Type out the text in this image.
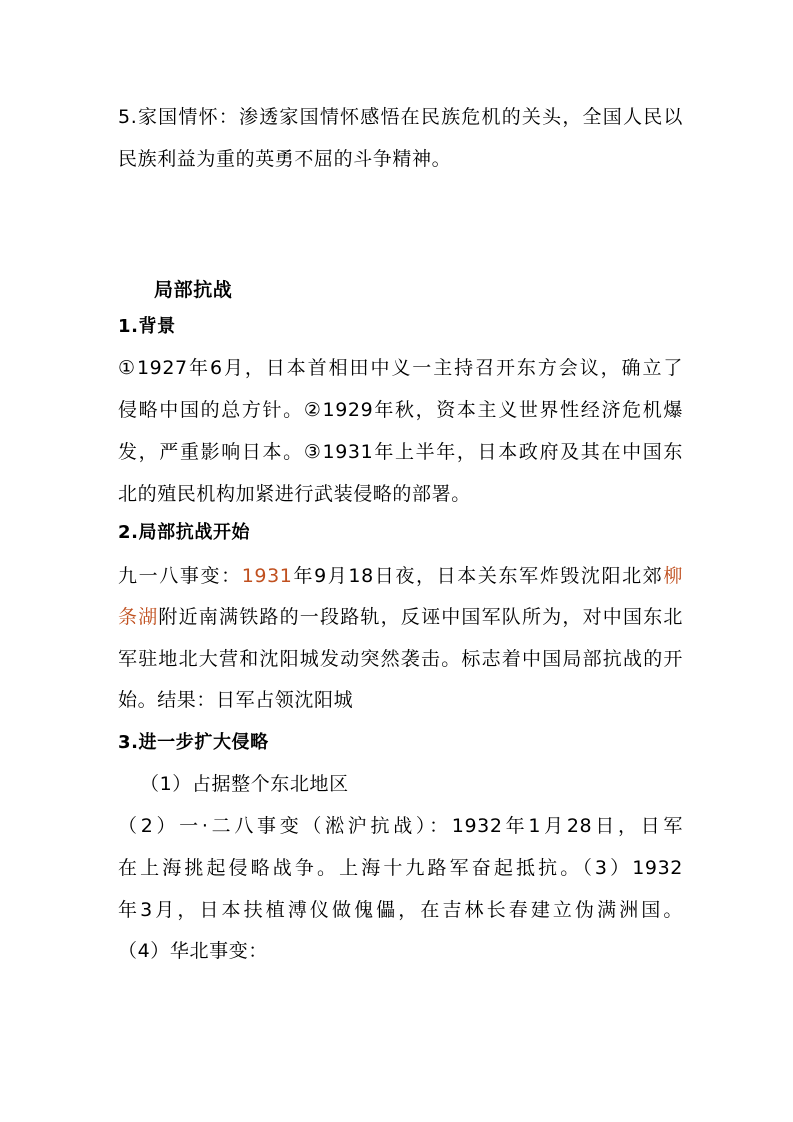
5.家国情怀：渗透家国情怀感悟在民族危机的关头，全国人民以
民族利益为重的英勇不屈的斗争精神。
局部抗战
1.背景
①1927年6月，日本首相田中义一主持召开东方会议，确立了
侵略中国的总方针。②1929年秋，资本主义世界性经济危机爆
发，严重影响日本。③1931年上半年，日本政府及其在中国东
北的殖民机构加紧进行武装侵略的部署。
2.局部抗战开始
九一八事变：1931年9月18日夜，日本关东军炸毁沈阳北郊柳
条湖附近南满铁路的一段路轨，反诬中国军队所为，对中国东北
军驻地北大营和沈阳城发动突然袭击。标志着中国局部抗战的开
始。结果：日军占领沈阳城
3.进一步扩大侵略
（1）占据整个东北地区
（2）一·二八事变（淞沪抗战）：1932年1月28日，日军
在上海挑起侵略战争。上海十九路军奋起抵抗。（3）1932
年3月，日本扶植溥仪做傀儡，在吉林长春建立伪满洲国。
（4）华北事变：
